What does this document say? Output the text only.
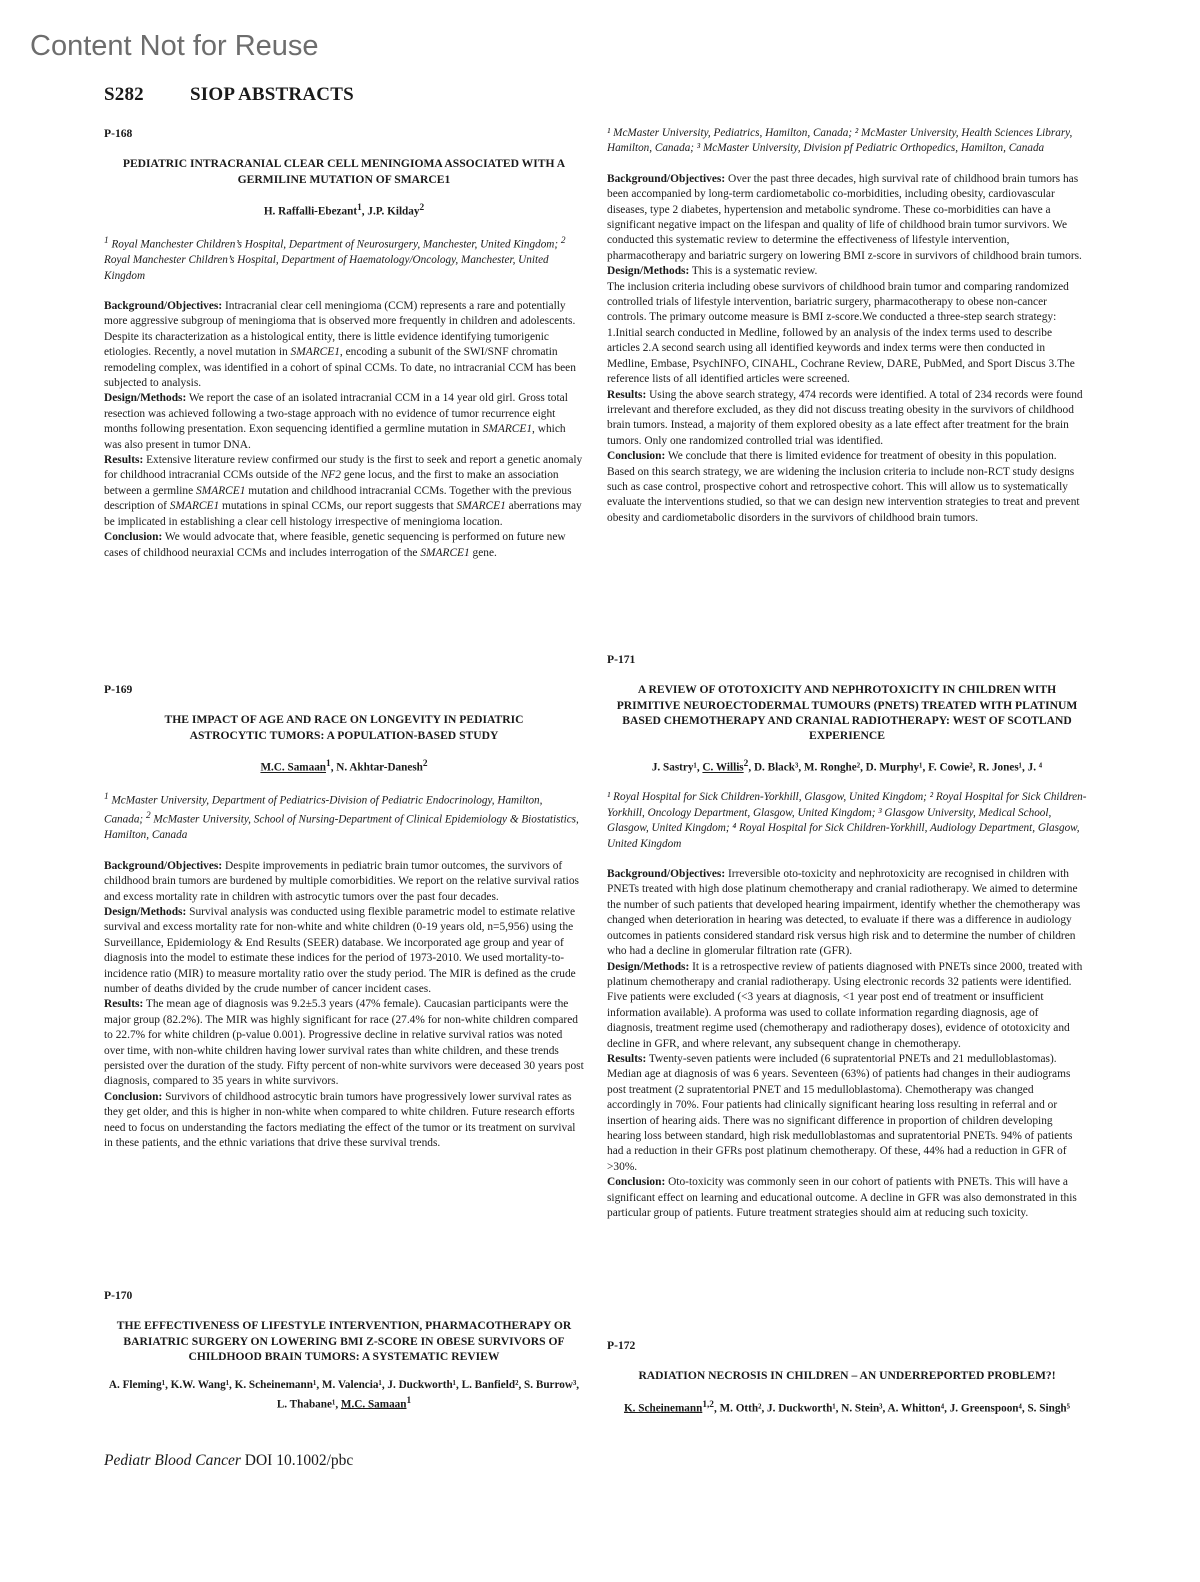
Content Not for Reuse
S282 SIOP ABSTRACTS
P-168
PEDIATRIC INTRACRANIAL CLEAR CELL MENINGIOMA ASSOCIATED WITH A GERMILINE MUTATION OF SMARCE1
H. Raffalli-Ebezant$^1$, J.P. Kilday$^2$
$^1$ Royal Manchester Children’s Hospital, Department of Neurosurgery, Manchester, United Kingdom; $^2$ Royal Manchester Children’s Hospital, Department of Haematology/Oncology, Manchester, United Kingdom

Background/Objectives: Intracranial clear cell meningioma (CCM) represents a rare and potentially more aggressive subgroup of meningioma that is observed more frequently in children and adolescents. Despite its characterization as a histological entity, there is little evidence identifying tumorigenic etiologies. Recently, a novel mutation in SMARCE1, encoding a subunit of the SWI/SNF chromatin remodeling complex, was identified in a cohort of spinal CCMs. To date, no intracranial CCM has been subjected to analysis.

Design/Methods: We report the case of an isolated intracranial CCM in a 14 year old girl. Gross total resection was achieved following a two-stage approach with no evidence of tumor recurrence eight months following presentation. Exon sequencing identified a germline mutation in SMARCE1, which was also present in tumor DNA.

Results: Extensive literature review confirmed our study is the first to seek and report a genetic anomaly for childhood intracranial CCMs outside of the NF2 gene locus, and the first to make an association between a germline SMARCE1 mutation and childhood intracranial CCMs. Together with the previous description of SMARCE1 mutations in spinal CCMs, our report suggests that SMARCE1 aberrations may be implicated in establishing a clear cell histology irrespective of meningioma location.

Conclusion: We would advocate that, where feasible, genetic sequencing is performed on future new cases of childhood neuraxial CCMs and includes interrogation of the SMARCE1 gene.

P-169
THE IMPACT OF AGE AND RACE ON LONGEVITY IN PEDIATRIC ASTROCYTIC TUMORS: A POPULATION-BASED STUDY
M.C. Samaan$^1$, N. Akhtar-Danesh$^2$
$^1$ McMaster University, Department of Pediatrics-Division of Pediatric Endocrinology, Hamilton, Canada; $^2$ McMaster University, School of Nursing-Department of Clinical Epidemiology & Biostatistics, Hamilton, Canada

Background/Objectives: Despite improvements in pediatric brain tumor outcomes, the survivors of childhood brain tumors are burdened by multiple comorbidities. We report on the relative survival ratios and excess mortality rate in children with astrocytic tumors over the past four decades.

Design/Methods: Survival analysis was conducted using flexible parametric model to estimate relative survival and excess mortality rate for non-white and white children (0-19 years old, n=5,956) using the Surveillance, Epidemiology & End Results (SEER) database. We incorporated age group and year of diagnosis into the model to estimate these indices for the period of 1973-2010. We used mortality-to-incidence ratio (MIR) to measure mortality ratio over the study period. The MIR is defined as the crude number of deaths divided by the crude number of cancer incident cases.

Results: The mean age of diagnosis was 9.2±5.3 years (47% female). Caucasian participants were the major group (82.2%). The MIR was highly significant for race (27.4% for non-white children compared to 22.7% for white children (p-value 0.001). Progressive decline in relative survival ratios was noted over time, with non-white children having lower survival rates than white children, and these trends persisted over the duration of the study. Fifty percent of non-white survivors were deceased 30 years post diagnosis, compared to 35 years in white survivors.

Conclusion: Survivors of childhood astrocytic brain tumors have progressively lower survival rates as they get older, and this is higher in non-white when compared to white children. Future research efforts need to focus on understanding the factors mediating the effect of the tumor or its treatment on survival in these patients, and the ethnic variations that drive these survival trends.

P-170
THE EFFECTIVENESS OF LIFESTYLE INTERVENTION, PHARMACOTHERAPY OR BARIATRIC SURGERY ON LOWERING BMI Z-SCORE IN OBESE SURVIVORS OF CHILDHOOD BRAIN TUMORS: A SYSTEMATIC REVIEW
A. Fleming¹, K.W. Wang¹, K. Scheinemann¹, M. Valencia¹, J. Duckworth¹, L. Banfield², S. Burrow³, L. Thabane¹, M.C. Samaan$^1$
¹ McMaster University, Pediatrics, Hamilton, Canada; ² McMaster University, Health Sciences Library, Hamilton, Canada; ³ McMaster University, Division pf Pediatric Orthopedics, Hamilton, Canada

Background/Objectives: Over the past three decades, high survival rate of childhood brain tumors has been accompanied by long-term cardiometabolic co-morbidities, including obesity, cardiovascular diseases, type 2 diabetes, hypertension and metabolic syndrome. These co-morbidities can have a significant negative impact on the lifespan and quality of life of childhood brain tumor survivors. We conducted this systematic review to determine the effectiveness of lifestyle intervention, pharmacotherapy and bariatric surgery on lowering BMI z-score in survivors of childhood brain tumors.

Design/Methods: This is a systematic review.

The inclusion criteria including obese survivors of childhood brain tumor and comparing randomized controlled trials of lifestyle intervention, bariatric surgery, pharmacotherapy to obese non-cancer controls. The primary outcome measure is BMI z-score.We conducted a three-step search strategy: 1.Initial search conducted in Medline, followed by an analysis of the index terms used to describe articles 2.A second search using all identified keywords and index terms were then conducted in Medline, Embase, PsychINFO, CINAHL, Cochrane Review, DARE, PubMed, and Sport Discus 3.The reference lists of all identified articles were screened.

Results: Using the above search strategy, 474 records were identified. A total of 234 records were found irrelevant and therefore excluded, as they did not discuss treating obesity in the survivors of childhood brain tumors. Instead, a majority of them explored obesity as a late effect after treatment for the brain tumors. Only one randomized controlled trial was identified.

Conclusion: We conclude that there is limited evidence for treatment of obesity in this population. Based on this search strategy, we are widening the inclusion criteria to include non-RCT study designs such as case control, prospective cohort and retrospective cohort. This will allow us to systematically evaluate the interventions studied, so that we can design new intervention strategies to treat and prevent obesity and cardiometabolic disorders in the survivors of childhood brain tumors.

P-171
A REVIEW OF OTOTOXICITY AND NEPHROTOXICITY IN CHILDREN WITH PRIMITIVE NEUROECTODERMAL TUMOURS (PNETS) TREATED WITH PLATINUM BASED CHEMOTHERAPY AND CRANIAL RADIOTHERAPY: WEST OF SCOTLAND EXPERIENCE
J. Sastry¹, C. Willis$^2$, D. Black³, M. Ronghe², D. Murphy¹, F. Cowie², R. Jones¹, J. ⁴
¹ Royal Hospital for Sick Children-Yorkhill, Glasgow, United Kingdom; ² Royal Hospital for Sick Children-Yorkhill, Oncology Department, Glasgow, United Kingdom; ³ Glasgow University, Medical School, Glasgow, United Kingdom; ⁴ Royal Hospital for Sick Children-Yorkhill, Audiology Department, Glasgow, United Kingdom

Background/Objectives: Irreversible oto-toxicity and nephrotoxicity are recognised in children with PNETs treated with high dose platinum chemotherapy and cranial radiotherapy. We aimed to determine the number of such patients that developed hearing impairment, identify whether the chemotherapy was changed when deterioration in hearing was detected, to evaluate if there was a difference in audiology outcomes in patients considered standard risk versus high risk and to determine the number of children who had a decline in glomerular filtration rate (GFR).

Design/Methods: It is a retrospective review of patients diagnosed with PNETs since 2000, treated with platinum chemotherapy and cranial radiotherapy. Using electronic records 32 patients were identified. Five patients were excluded (<3 years at diagnosis, <1 year post end of treatment or insufficient information available). A proforma was used to collate information regarding diagnosis, age of diagnosis, treatment regime used (chemotherapy and radiotherapy doses), evidence of ototoxicity and decline in GFR, and where relevant, any subsequent change in chemotherapy.

Results: Twenty-seven patients were included (6 supratentorial PNETs and 21 medulloblastomas). Median age at diagnosis of was 6 years. Seventeen (63%) of patients had changes in their audiograms post treatment (2 supratentorial PNET and 15 medulloblastoma). Chemotherapy was changed accordingly in 70%. Four patients had clinically significant hearing loss resulting in referral and or insertion of hearing aids. There was no significant difference in proportion of children developing hearing loss between standard, high risk medulloblastomas and supratentorial PNETs. 94% of patients had a reduction in their GFRs post platinum chemotherapy. Of these, 44% had a reduction in GFR of >30%.

Conclusion: Oto-toxicity was commonly seen in our cohort of patients with PNETs. This will have a significant effect on learning and educational outcome. A decline in GFR was also demonstrated in this particular group of patients. Future treatment strategies should aim at reducing such toxicity.

P-172
RADIATION NECROSIS IN CHILDREN – AN UNDERREPORTED PROBLEM?!
K. Scheinemann$^{1,2}$, M. Otth², J. Duckworth¹, N. Stein³, A. Whitton⁴, J. Greenspoon⁴, S. Singh⁵
Pediatr Blood Cancer DOI 10.1002/pbc
